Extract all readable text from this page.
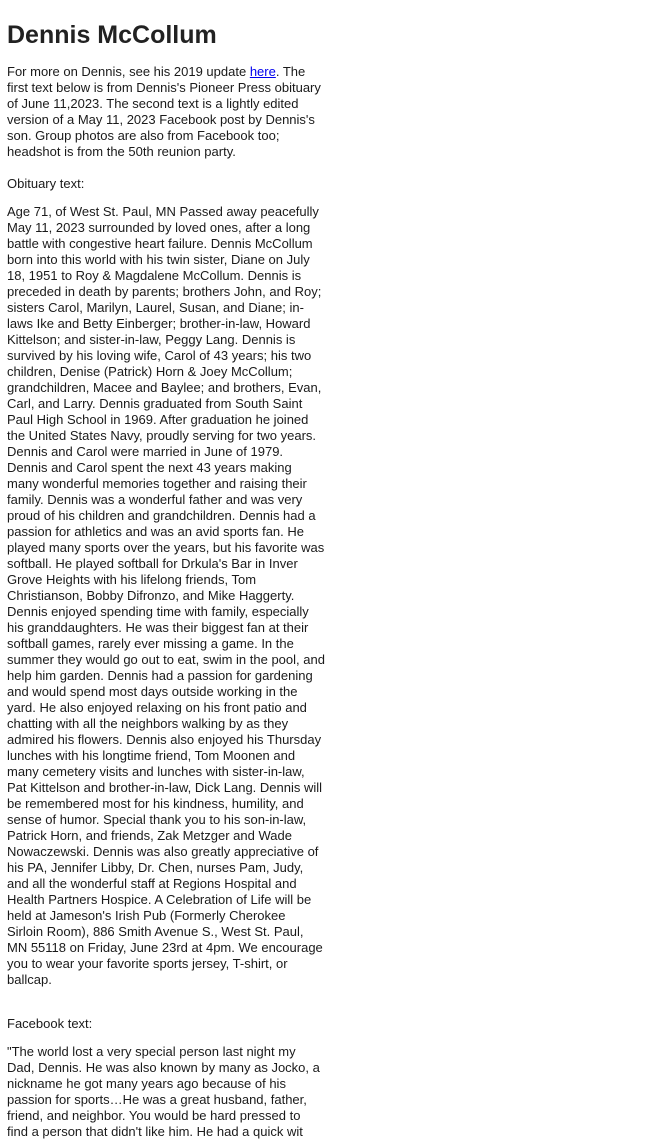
Dennis McCollum

For more on Dennis, see his 2019 update here. The first text below is from Dennis's Pioneer Press obituary of June 11,2023. The second text is a lightly edited version of a May 11, 2023 Facebook post by Dennis's son. Group photos are also from Facebook too; headshot is from the 50th reunion party.

Obituary text:

Age 71, of West St. Paul, MN Passed away peacefully May 11, 2023 surrounded by loved ones, after a long battle with congestive heart failure. Dennis McCollum born into this world with his twin sister, Diane on July 18, 1951 to Roy & Magdalene McCollum. Dennis is preceded in death by parents; brothers John, and Roy; sisters Carol, Marilyn, Laurel, Susan, and Diane; in-laws Ike and Betty Einberger; brother-in-law, Howard Kittelson; and sister-in-law, Peggy Lang. Dennis is survived by his loving wife, Carol of 43 years; his two children, Denise (Patrick) Horn & Joey McCollum; grandchildren, Macee and Baylee; and brothers, Evan, Carl, and Larry. Dennis graduated from South Saint Paul High School in 1969. After graduation he joined the United States Navy, proudly serving for two years. Dennis and Carol were married in June of 1979. Dennis and Carol spent the next 43 years making many wonderful memories together and raising their family. Dennis was a wonderful father and was very proud of his children and grandchildren. Dennis had a passion for athletics and was an avid sports fan. He played many sports over the years, but his favorite was softball. He played softball for Drkula's Bar in Inver Grove Heights with his lifelong friends, Tom Christianson, Bobby Difronzo, and Mike Haggerty. Dennis enjoyed spending time with family, especially his granddaughters. He was their biggest fan at their softball games, rarely ever missing a game. In the summer they would go out to eat, swim in the pool, and help him garden. Dennis had a passion for gardening and would spend most days outside working in the yard. He also enjoyed relaxing on his front patio and chatting with all the neighbors walking by as they admired his flowers. Dennis also enjoyed his Thursday lunches with his longtime friend, Tom Moonen and many cemetery visits and lunches with sister-in-law, Pat Kittelson and brother-in-law, Dick Lang. Dennis will be remembered most for his kindness, humility, and sense of humor. Special thank you to his son-in-law, Patrick Horn, and friends, Zak Metzger and Wade Nowaczewski. Dennis was also greatly appreciative of his PA, Jennifer Libby, Dr. Chen, nurses Pam, Judy, and all the wonderful staff at Regions Hospital and Health Partners Hospice. A Celebration of Life will be held at Jameson's Irish Pub (Formerly Cherokee Sirloin Room), 886 Smith Avenue S., West St. Paul, MN 55118 on Friday, June 23rd at 4pm. We encourage you to wear your favorite sports jersey, T-shirt, or ballcap.

Facebook text:

"The world lost a very special person last night my Dad, Dennis. He was also known by many as Jocko, a nickname he got many years ago because of his passion for sports…He was a great husband, father, friend, and neighbor. You would be hard pressed to find a person that didn't like him. He had a quick wit
